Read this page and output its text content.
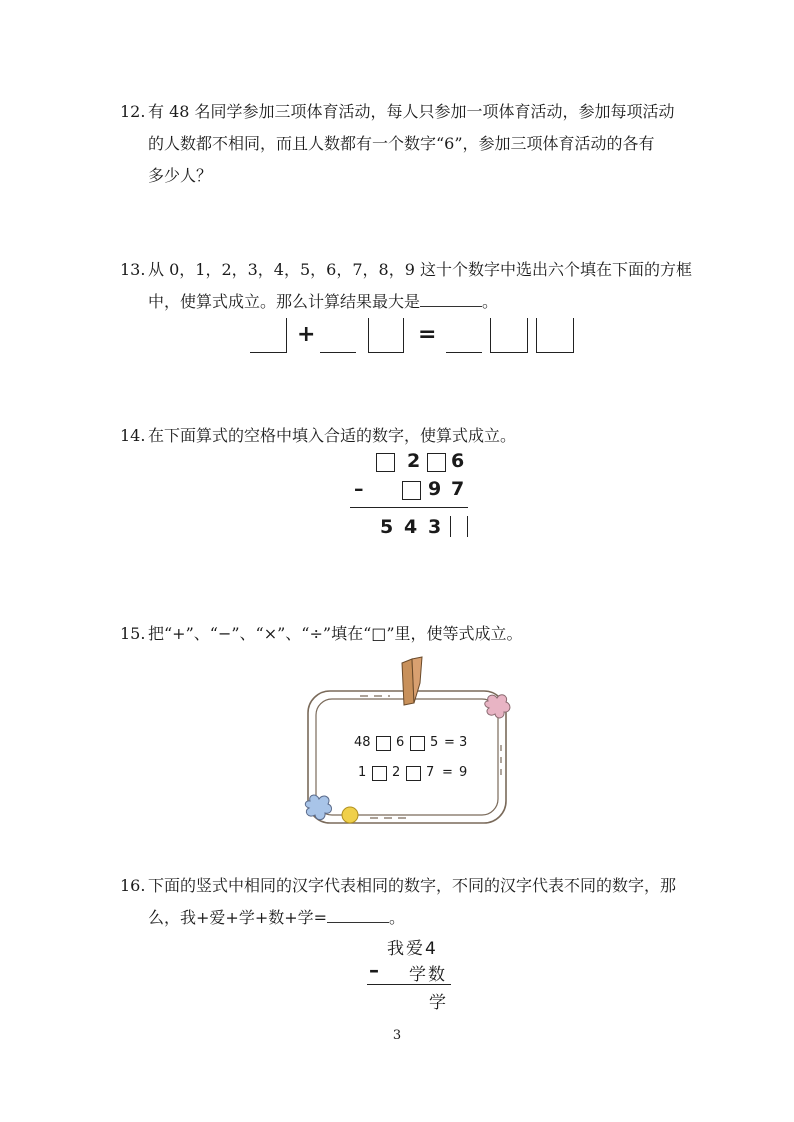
12. 有 48 名同学参加三项体育活动，每人只参加一项体育活动，参加每项活动
的人数都不相同，而且人数都有一个数字“6”，参加三项体育活动的各有
多少人？
13. 从 0，1，2，3，4，5，6，7，8，9 这十个数字中选出六个填在下面的方框
中，使算式成立。那么计算结果最大是	。
+	=
14. 在下面算式的空格中填入合适的数字，使算式成立。
2 6
–	9 7
5 4 3
15. 把“+”、“−”、“×”、“÷”填在“□”里，使等式成立。
48 6 5 = 3
1 2 7 = 9
16. 下面的竖式中相同的汉字代表相同的数字，不同的汉字代表不同的数字，那
么，我+爱+学+数+学=	。
我爱4
– 学数
学
3
